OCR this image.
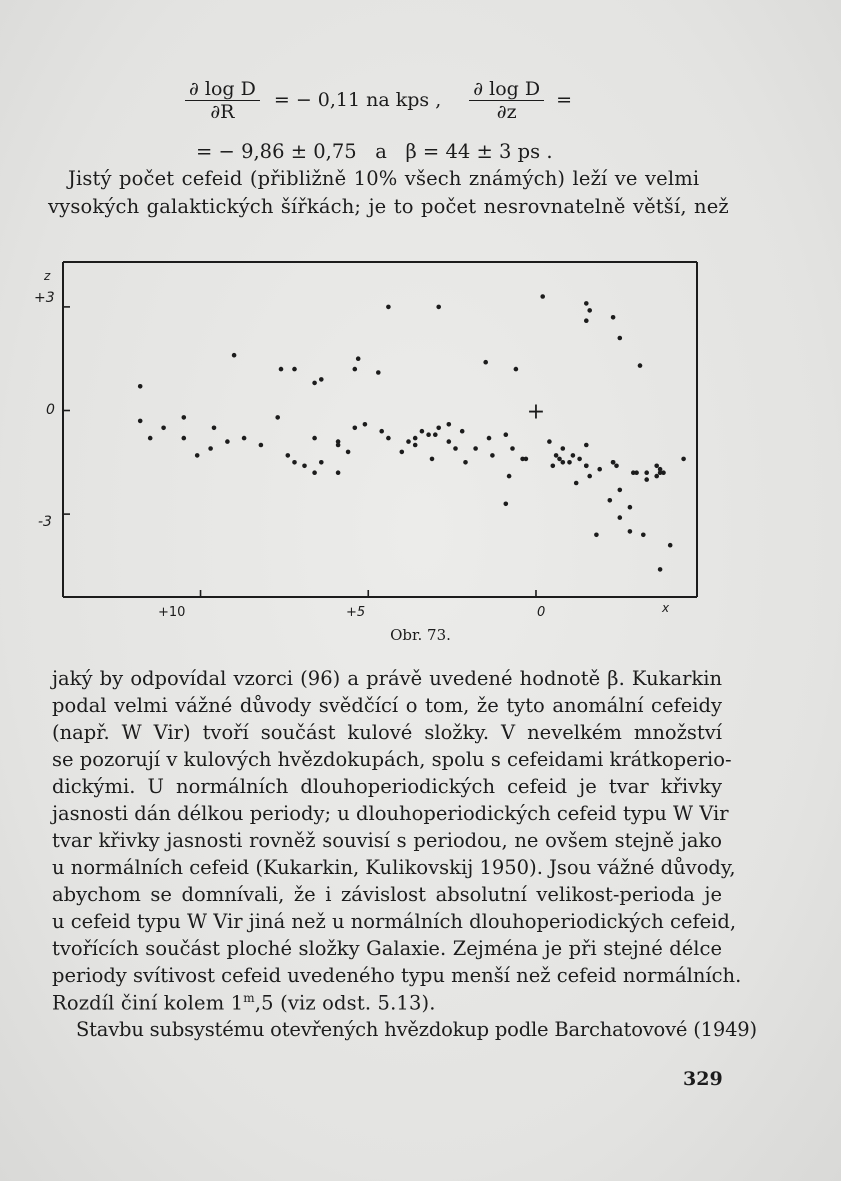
$\frac{\text{∂ log D}}{\partial R}$ = − 0,11 na kps , $\frac{\text{∂ log D}}{\partial z}$ =
= − 9,86 ± 0,75   a   β = 44 ± 3 ps .
Jistý počet cefeid (přibližně 10% všech známých) leží ve velmi
vysokých galaktických šířkách; je to počet nesrovnatelně větší, než
+
z
+3
0
-3
+10	+5	0	x
Obr. 73.
jaký by odpovídal vzorci (96) a právě uvedené hodnotě β. Kukarkin
podal velmi vážné důvody svědčící o tom, že tyto anomální cefeidy
(např. W Vir) tvoří součást kulové složky. V nevelkém množství
se pozorují v kulových hvězdokupách, spolu s cefeidami krátkoperio-
dickými. U normálních dlouhoperiodických cefeid je tvar křivky
jasnosti dán délkou periody; u dlouhoperiodických cefeid typu W Vir
tvar křivky jasnosti rovněž souvisí s periodou, ne ovšem stejně jako
u normálních cefeid (Kukarkin, Kulikovskij 1950). Jsou vážné důvody,
abychom se domnívali, že i závislost absolutní velikost-perioda je
u cefeid typu W Vir jiná než u normálních dlouhoperiodických cefeid,
tvořících součást ploché složky Galaxie. Zejména je při stejné délce
periody svítivost cefeid uvedeného typu menší než cefeid normálních.
Rozdíl činí kolem 1$^m$,5 (viz odst. 5.13).
Stavbu subsystému otevřených hvězdokup podle Barchatovové (1949)
329
